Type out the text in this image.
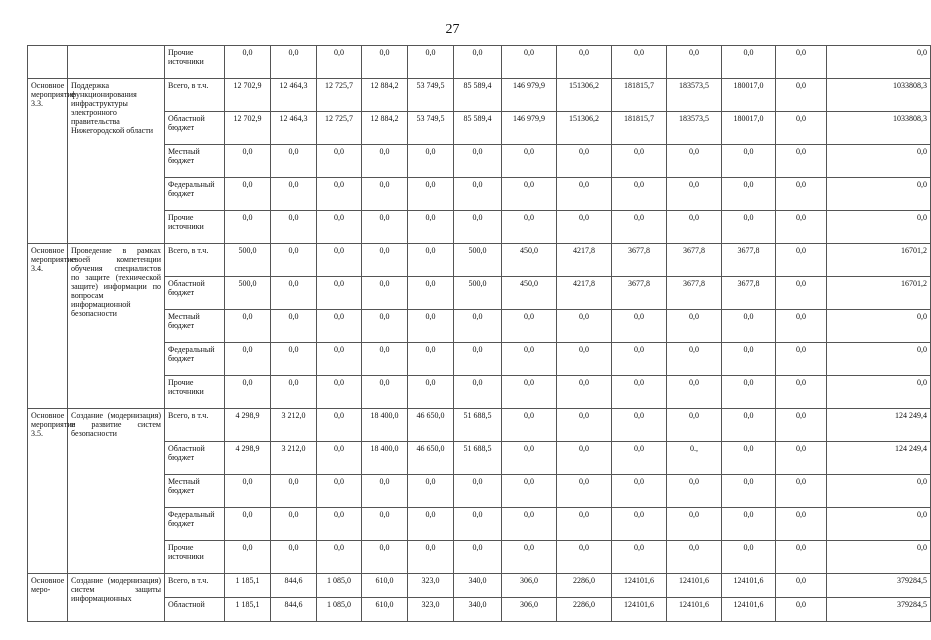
27
		Прочие источники	0,0	0,0	0,0	0,0	0,0	0,0	0,0	0,0	0,0	0,0	0,0	0,0	0,0
Основное мероприятие 3.3.	Поддержка функционирования инфраструктуры электронного правительства Нижегородской области	Всего, в т.ч.	12 702,9	12 464,3	12 725,7	12 884,2	53 749,5	85 589,4	146 979,9	151306,2	181815,7	183573,5	180017,0	0,0	1033808,3
		Областной бюджет	12 702,9	12 464,3	12 725,7	12 884,2	53 749,5	85 589,4	146 979,9	151306,2	181815,7	183573,5	180017,0	0,0	1033808,3
		Местный бюджет	0,0	0,0	0,0	0,0	0,0	0,0	0,0	0,0	0,0	0,0	0,0	0,0	0,0
		Федеральный бюджет	0,0	0,0	0,0	0,0	0,0	0,0	0,0	0,0	0,0	0,0	0,0	0,0	0,0
		Прочие источники	0,0	0,0	0,0	0,0	0,0	0,0	0,0	0,0	0,0	0,0	0,0	0,0	0,0
Основное мероприятие 3.4.	Проведение в рамках своей компетенции обучения специалистов по защите (технической защите) информации по вопросам информационной безопасности	Всего, в т.ч.	500,0	0,0	0,0	0,0	0,0	500,0	450,0	4217,8	3677,8	3677,8	3677,8	0,0	16701,2
		Областной бюджет	500,0	0,0	0,0	0,0	0,0	500,0	450,0	4217,8	3677,8	3677,8	3677,8	0,0	16701,2
		Местный бюджет	0,0	0,0	0,0	0,0	0,0	0,0	0,0	0,0	0,0	0,0	0,0	0,0	0,0
		Федеральный бюджет	0,0	0,0	0,0	0,0	0,0	0,0	0,0	0,0	0,0	0,0	0,0	0,0	0,0
		Прочие источники	0,0	0,0	0,0	0,0	0,0	0,0	0,0	0,0	0,0	0,0	0,0	0,0	0,0
Основное мероприятие 3.5.	Создание (модернизация) и развитие систем безопасности	Всего, в т.ч.	4 298,9	3 212,0	0,0	18 400,0	46 650,0	51 688,5	0,0	0,0	0,0	0,0	0,0	0,0	124 249,4
		Областной бюджет	4 298,9	3 212,0	0,0	18 400,0	46 650,0	51 688,5	0,0	0,0	0,0	0.,	0,0	0,0	124 249,4
		Местный бюджет	0,0	0,0	0,0	0,0	0,0	0,0	0,0	0,0	0,0	0,0	0,0	0,0	0,0
		Федеральный бюджет	0,0	0,0	0,0	0,0	0,0	0,0	0,0	0,0	0,0	0,0	0,0	0,0	0,0
		Прочие источники	0,0	0,0	0,0	0,0	0,0	0,0	0,0	0,0	0,0	0,0	0,0	0,0	0,0
Основное меро-	Создание (модернизация) систем защиты информационных	Всего, в т.ч.	1 185,1	844,6	1 085,0	610,0	323,0	340,0	306,0	2286,0	124101,6	124101,6	124101,6	0,0	379284,5
		Областной	1 185,1	844,6	1 085,0	610,0	323,0	340,0	306,0	2286,0	124101,6	124101,6	124101,6	0,0	379284,5
